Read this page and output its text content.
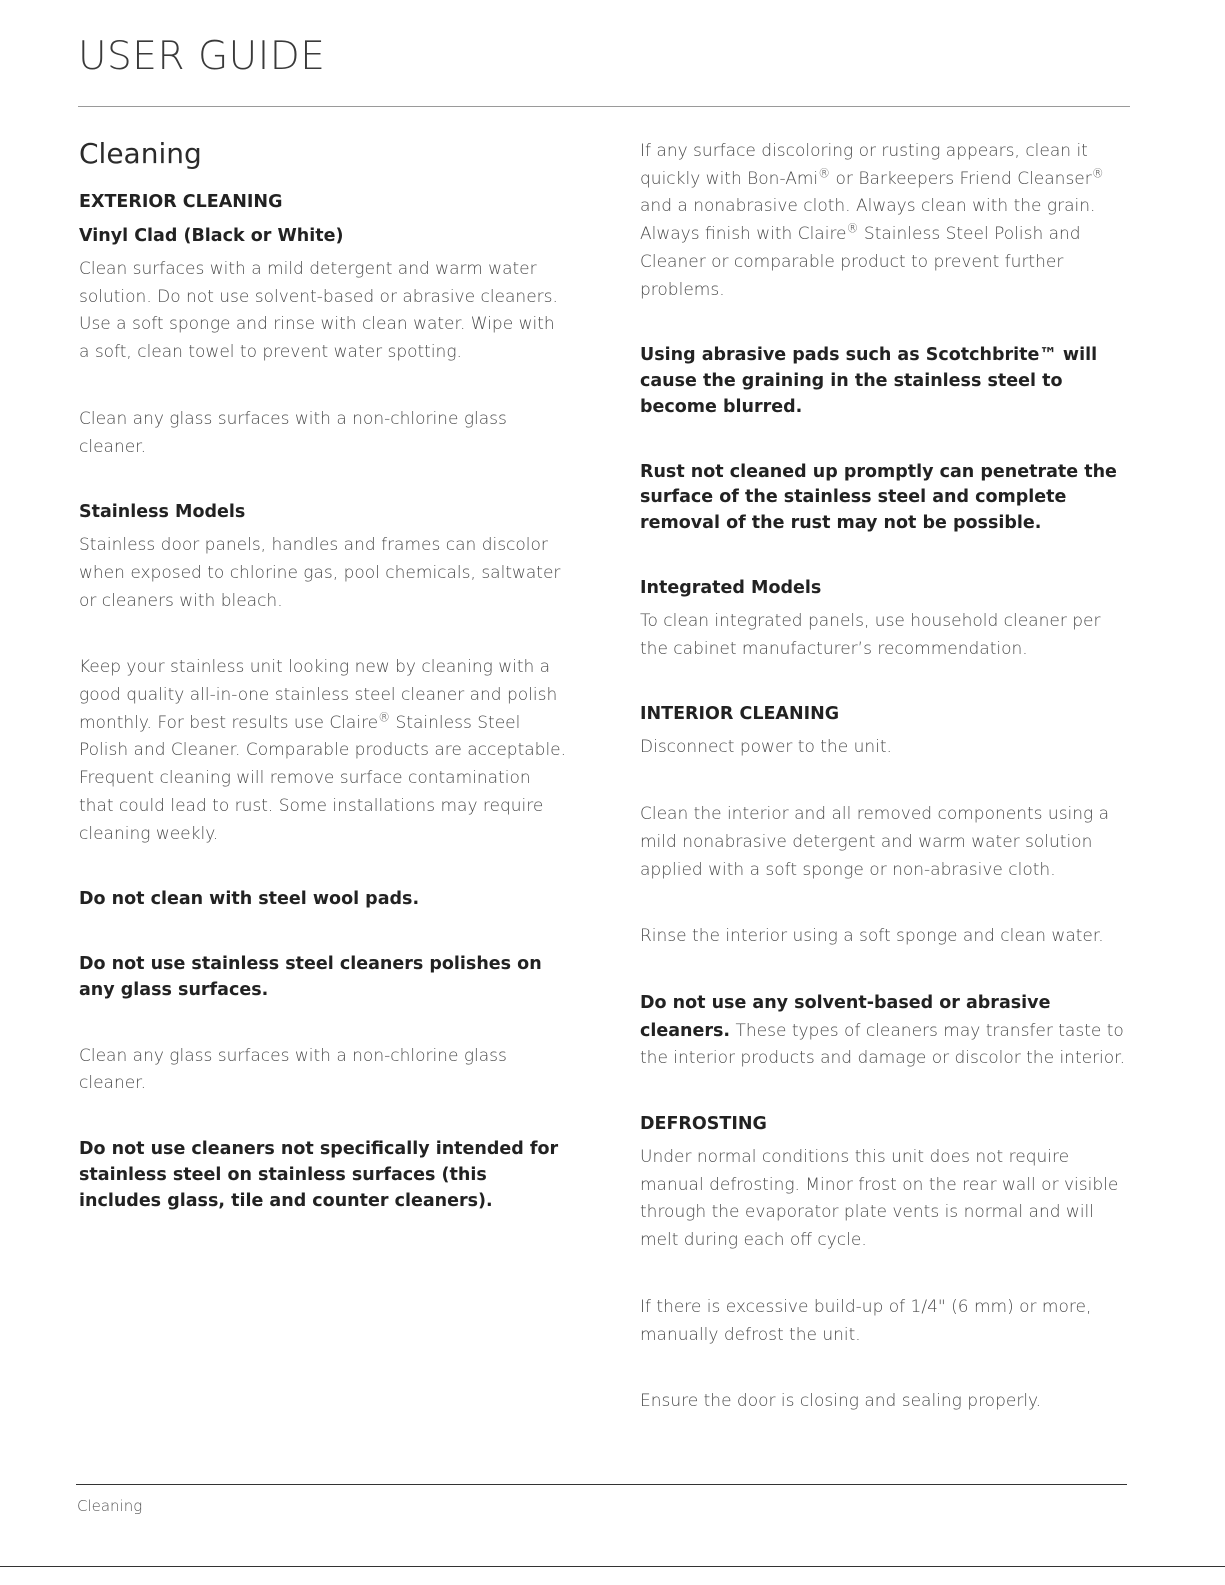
USER GUIDE
Cleaning
EXTERIOR CLEANING
Vinyl Clad (Black or White)

Clean surfaces with a mild detergent and warm water solution. Do not use solvent-based or abrasive cleaners. Use a soft sponge and rinse with clean water. Wipe with a soft, clean towel to prevent water spotting.

Clean any glass surfaces with a non-chlorine glass cleaner.

Stainless Models

Stainless door panels, handles and frames can discolor when exposed to chlorine gas, pool chemicals, saltwater or cleaners with bleach.

Keep your stainless unit looking new by cleaning with a good quality all-in-one stainless steel cleaner and polish monthly. For best results use Claire® Stainless Steel Polish and Cleaner. Comparable products are acceptable. Frequent cleaning will remove surface contamination that could lead to rust. Some installations may require cleaning weekly.

Do not clean with steel wool pads.

Do not use stainless steel cleaners polishes on any glass surfaces.

Clean any glass surfaces with a non-chlorine glass cleaner.

Do not use cleaners not specifically intended for stainless steel on stainless surfaces (this includes glass, tile and counter cleaners).

If any surface discoloring or rusting appears, clean it quickly with Bon-Ami® or Barkeepers Friend Cleanser® and a nonabrasive cloth. Always clean with the grain. Always finish with Claire® Stainless Steel Polish and Cleaner or comparable product to prevent further problems.

Using abrasive pads such as Scotchbrite™ will cause the graining in the stainless steel to become blurred.

Rust not cleaned up promptly can penetrate the surface of the stainless steel and complete removal of the rust may not be possible.

Integrated Models

To clean integrated panels, use household cleaner per the cabinet manufacturer’s recommendation.

INTERIOR CLEANING

Disconnect power to the unit.

Clean the interior and all removed components using a mild nonabrasive detergent and warm water solution applied with a soft sponge or non-abrasive cloth.

Rinse the interior using a soft sponge and clean water.

Do not use any solvent-based or abrasive cleaners. These types of cleaners may transfer taste to the interior products and damage or discolor the interior.

DEFROSTING

Under normal conditions this unit does not require manual defrosting. Minor frost on the rear wall or visible through the evaporator plate vents is normal and will melt during each off cycle.

If there is excessive build-up of 1/4" (6 mm) or more, manually defrost the unit.

Ensure the door is closing and sealing properly.

Cleaning
